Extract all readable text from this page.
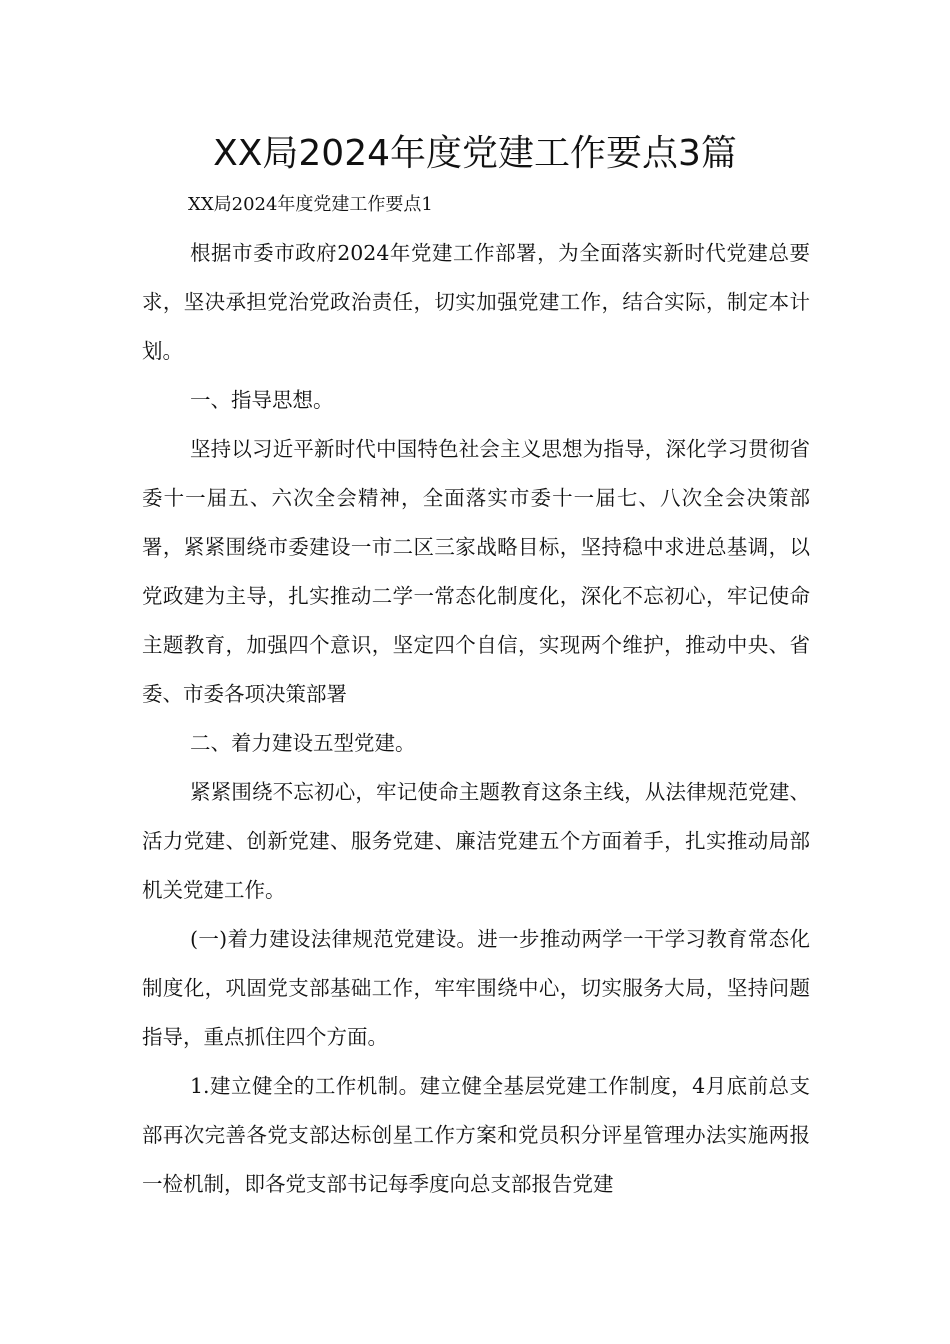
XX局2024年度党建工作要点3篇

XX局2024年度党建工作要点1

根据市委市政府2024年党建工作部署，为全面落实新时代党建总要求，坚决承担党治党政治责任，切实加强党建工作，结合实际，制定本计划。

一、指导思想。

坚持以习近平新时代中国特色社会主义思想为指导，深化学习贯彻省委十一届五、六次全会精神，全面落实市委十一届七、八次全会决策部署，紧紧围绕市委建设一市二区三家战略目标，坚持稳中求进总基调，以党政建为主导，扎实推动二学一常态化制度化，深化不忘初心，牢记使命主题教育，加强四个意识，坚定四个自信，实现两个维护，推动中央、省委、市委各项决策部署

二、着力建设五型党建。

紧紧围绕不忘初心，牢记使命主题教育这条主线，从法律规范党建、活力党建、创新党建、服务党建、廉洁党建五个方面着手，扎实推动局部机关党建工作。

(一)着力建设法律规范党建设。进一步推动两学一干学习教育常态化制度化，巩固党支部基础工作，牢牢围绕中心，切实服务大局，坚持问题指导，重点抓住四个方面。

1.建立健全的工作机制。建立健全基层党建工作制度，4月底前总支部再次完善各党支部达标创星工作方案和党员积分评星管理办法实施两报一检机制，即各党支部书记每季度向总支部报告党建
